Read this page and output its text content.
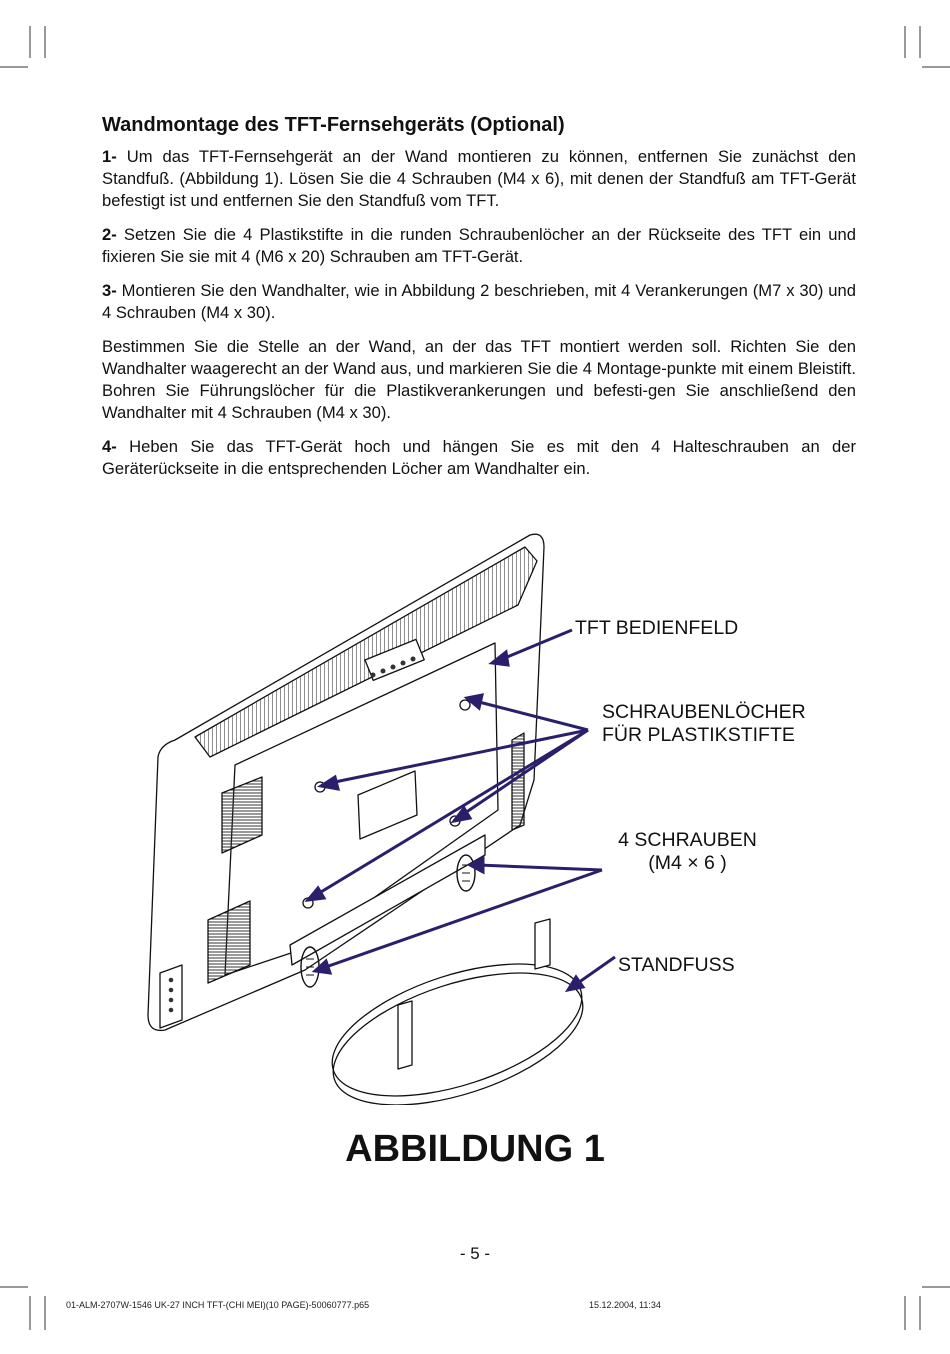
Wandmontage des TFT-Fernsehgeräts (Optional)

1- Um das TFT-Fernsehgerät an der Wand montieren zu können, entfernen Sie zunächst den Standfuß. (Abbildung 1). Lösen Sie die 4 Schrauben (M4 x 6), mit denen der Standfuß am TFT-Gerät befestigt ist und entfernen Sie den Standfuß vom TFT.

2- Setzen Sie die 4 Plastikstifte in die runden Schraubenlöcher an der Rückseite des TFT ein und fixieren Sie sie mit 4 (M6 x 20) Schrauben am TFT-Gerät.

3- Montieren Sie den Wandhalter, wie in Abbildung 2 beschrieben, mit 4 Verankerungen (M7 x 30) und 4 Schrauben (M4 x 30).

Bestimmen Sie die Stelle an der Wand, an der das TFT montiert werden soll. Richten Sie den Wandhalter waagerecht an der Wand aus, und markieren Sie die 4 Montage-punkte mit einem Bleistift. Bohren Sie Führungslöcher für die Plastikverankerungen und befesti-gen Sie anschließend den Wandhalter mit 4 Schrauben (M4 x 30).

4- Heben Sie das TFT-Gerät hoch und hängen Sie es mit den 4 Halteschrauben an der Geräterückseite in die entsprechenden Löcher am Wandhalter ein.

TFT BEDIENFELD
SCHRAUBENLÖCHER
FÜR PLASTIKSTIFTE
4 SCHRAUBEN
(M4 × 6 )
STANDFUSS
ABBILDUNG 1
- 5 -
01-ALM-2707W-1546 UK-27 INCH TFT-(CHI MEI)(10 PAGE)-50060777.p65	15.12.2004, 11:34
